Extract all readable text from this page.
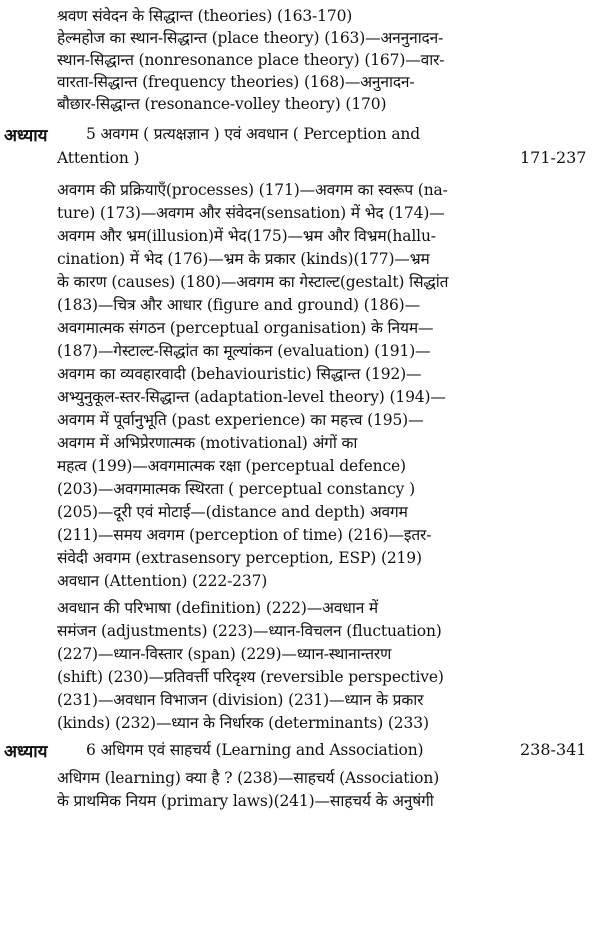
श्रवण संवेदन के सिद्धान्त (theories) (163-170)
हेल्महोज का स्थान-सिद्धान्त (place theory) (163)—अननुनादन-
स्थान-सिद्धान्त (nonresonance place theory) (167)—वार-
वारता-सिद्धान्त (frequency theories) (168)—अनुनादन-
बौछार-सिद्धान्त (resonance-volley theory) (170)
अध्याय 5 अवगम ( प्रत्यक्षज्ञान ) एवं अवधान ( Perception and
Attention )	171-237
अवगम की प्रक्रियाएँ(processes) (171)—अवगम का स्वरूप (na-
ture) (173)—अवगम और संवेदन(sensation) में भेद (174)—
अवगम और भ्रम(illusion)में भेद(175)—भ्रम और विभ्रम(hallu-
cination) में भेद (176)—भ्रम के प्रकार (kinds)(177)—भ्रम
के कारण (causes) (180)—अवगम का गेस्टाल्ट(gestalt) सिद्धांत
(183)—चित्र और आधार (figure and ground) (186)—
अवगमात्मक संगठन (perceptual organisation) के नियम—
(187)—गेस्टाल्ट-सिद्धांत का मूल्यांकन (evaluation) (191)—
अवगम का व्यवहारवादी (behaviouristic) सिद्धान्त (192)—
अभ्युनुकूल-स्तर-सिद्धान्त (adaptation-level theory) (194)—
अवगम में पूर्वानुभूति (past experience) का महत्त्व (195)—
अवगम में अभिप्रेरणात्मक (motivational) अंगों का
महत्व (199)—अवगमात्मक रक्षा (perceptual defence)
(203)—अवगमात्मक स्थिरता ( perceptual constancy )
(205)—दूरी एवं मोटाई—(distance and depth) अवगम
(211)—समय अवगम (perception of time) (216)—इतर-
संवेदी अवगम (extrasensory perception, ESP) (219)
अवधान (Attention) (222-237)
अवधान की परिभाषा (definition) (222)—अवधान में
समंजन (adjustments) (223)—ध्यान-विचलन (fluctuation)
(227)—ध्यान-विस्तार (span) (229)—ध्यान-स्थानान्तरण
(shift) (230)—प्रतिवर्त्ती परिदृश्य (reversible perspective)
(231)—अवधान विभाजन (division) (231)—ध्यान के प्रकार
(kinds) (232)—ध्यान के निर्धारक (determinants) (233)
अध्याय 6 अधिगम एवं साहचर्य (Learning and Association)	238-341
अधिगम (learning) क्या है ? (238)—साहचर्य (Association)
के प्राथमिक नियम (primary laws)(241)—साहचर्य के अनुषंगी
